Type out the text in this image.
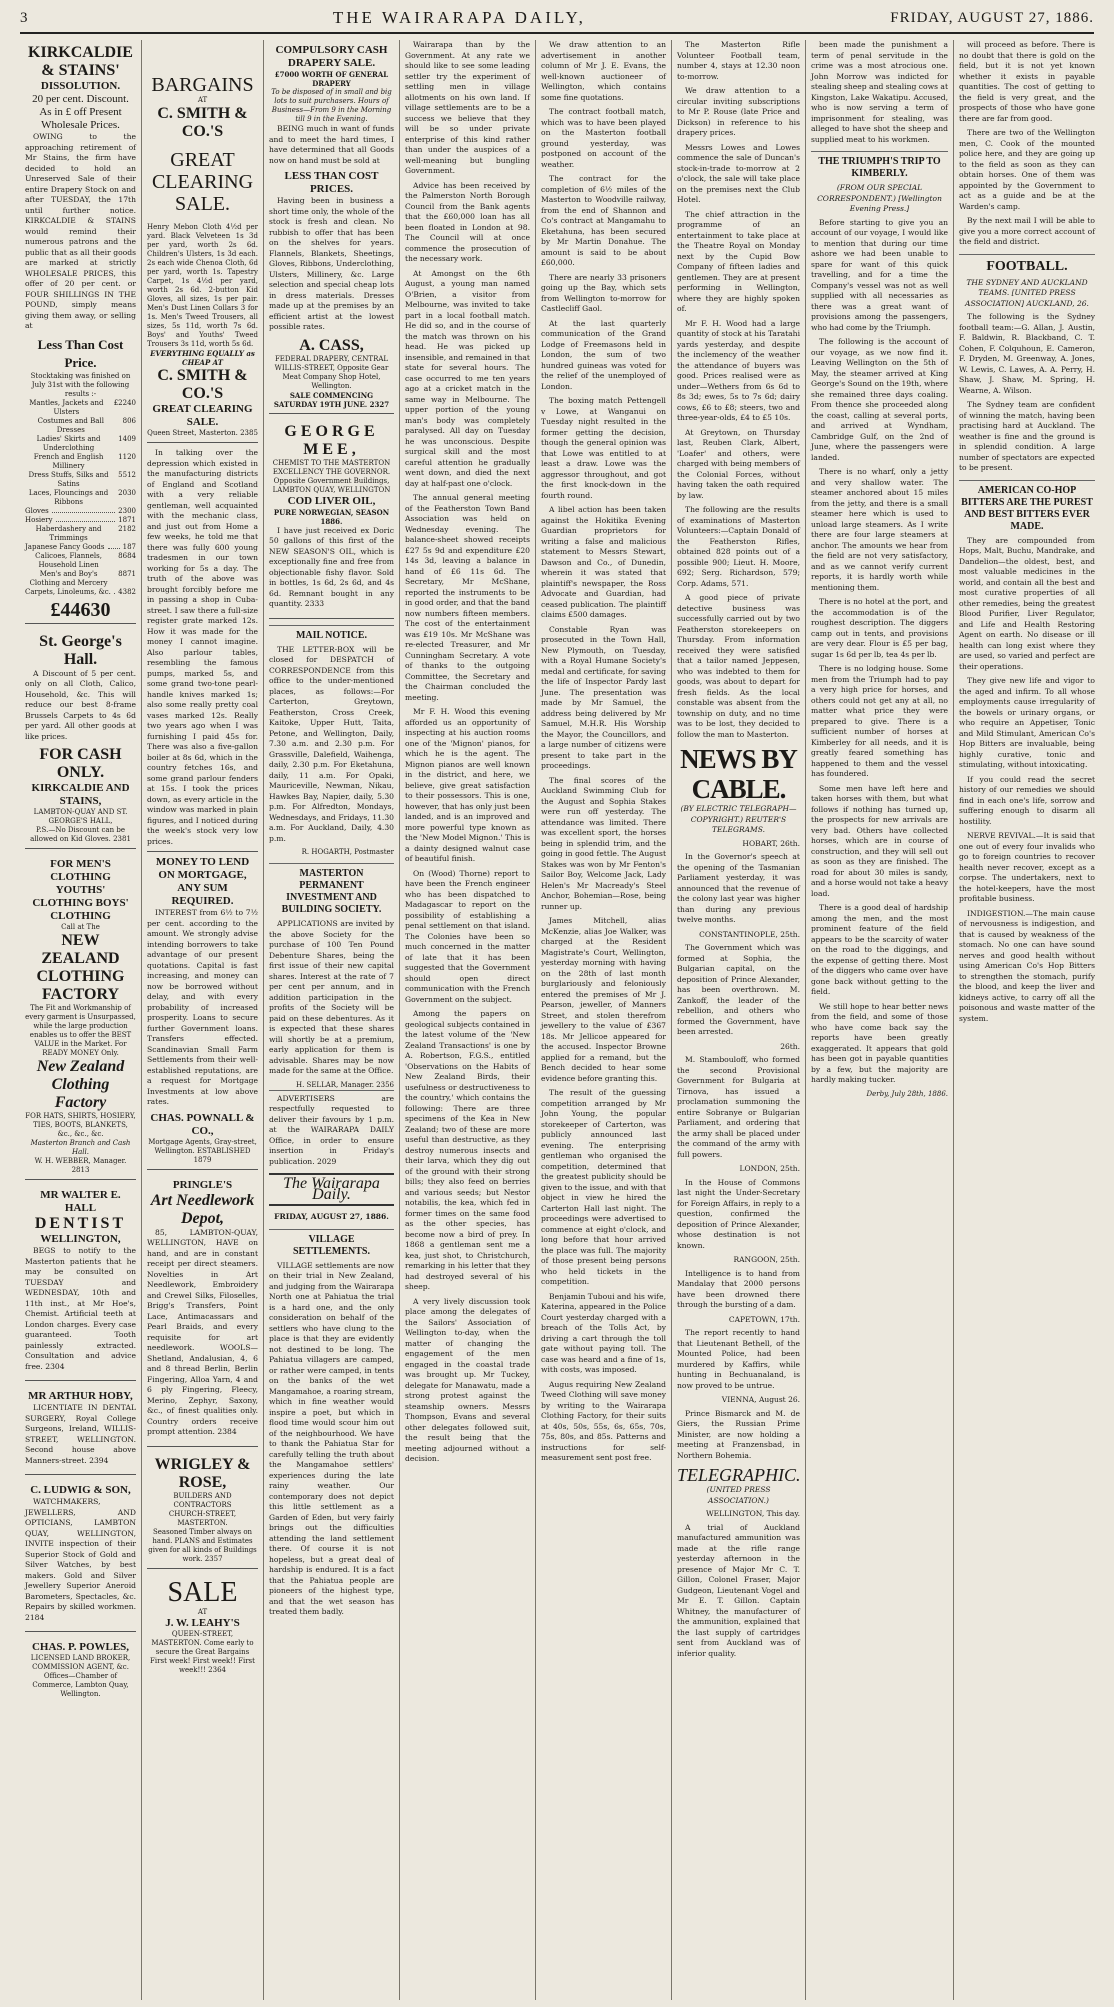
3	THE WAIRARAPA DAILY,	FRIDAY, AUGUST 27, 1886.
KIRKCALDIE & STAINS'
DISSOLUTION.
20 per cent. Discount. As in £ off Present Wholesale Prices.
OWING to the approaching retirement of Mr Stains, the firm have decided to hold an Unreserved Sale of their entire Drapery Stock on and after TUESDAY, the 17th until further notice. KIRKCALDIE & STAINS would remind their numerous patrons and the public that as all their goods are marked at strictly WHOLESALE PRICES, this offer of 20 per cent. or FOUR SHILLINGS IN THE POUND, simply means giving them away, or selling at
Less Than Cost Price.
Stocktaking was finished on July 31st with the following results :-
Mantles, Jackets and Ulsters
£2240
Costumes and Ball Dresses
806
Ladies' Skirts and Underclothing
1409
French and English Millinery
1120
Dress Stuffs, Silks and Satins
5512
Laces, Flouncings and Ribbons
2030
Gloves	2300
Hosiery	1871
Haberdashery and Trimmings
2182
Japanese Fancy Goods	187
Calicoes, Flannels, Household Linen
8684
Men's and Boy's Clothing and Mercery
8871
Carpets, Linoleums, &c. 4382
£44630
St. George's Hall.
A Discount of 5 per cent. only on all Cloth, Calico, Household, &c. This will reduce our best 8-frame Brussels Carpets to 4s 6d per yard. All other goods at like prices.
FOR CASH ONLY.
KIRKCALDIE AND STAINS,
LAMBTON-QUAY AND ST. GEORGE'S HALL,
P.S.—No Discount can be allowed on Kid Gloves. 2381
FOR MEN'S CLOTHING YOUTHS' CLOTHING BOYS' CLOTHING
Call at The
NEW ZEALAND CLOTHING FACTORY
The Fit and Workmanship of every garment is Unsurpassed, while the large production enables us to offer the BEST VALUE in the Market. For READY MONEY Only.
New Zealand Clothing Factory
FOR HATS, SHIRTS, HOSIERY, TIES, BOOTS, BLANKETS, &c., &c., &c.
Masterton Branch and Cash Hall.
W. H. WEBBER, Manager. 2813
MR WALTER E. HALL
DENTIST
WELLINGTON,
BEGS to notify to the Masterton patients that he may be consulted on TUESDAY and WEDNESDAY, 10th and 11th inst., at Mr Hoe's, Chemist. Artificial teeth at London charges. Every case guaranteed. Tooth painlessly extracted. Consultation and advice free. 2304
MR ARTHUR HOBY,
LICENTIATE IN DENTAL SURGERY, Royal College Surgeons, Ireland, WILLIS-STREET, WELLINGTON. Second house above Manners-street. 2394
C. LUDWIG & SON,
WATCHMAKERS, JEWELLERS, AND OPTICIANS, LAMBTON QUAY, WELLINGTON, INVITE inspection of their Superior Stock of Gold and Silver Watches, by best makers. Gold and Silver Jewellery Superior Aneroid Barometers, Spectacles, &c. Repairs by skilled workmen. 2184
CHAS. P. POWLES,
LICENSED LAND BROKER, COMMISSION AGENT, &c. Offices—Chamber of Commerce, Lambton Quay, Wellington.
BARGAINS
AT
C. SMITH & CO.'S
GREAT CLEARING SALE.
Henry Mebon Cloth 4½d per yard. Black Velveteen 1s 3d per yard, worth 2s 6d. Children's Ulsters, 1s 3d each. 2s each wide Chenoa Cloth, 6d per yard, worth 1s. Tapestry Carpet, 1s 4½d per yard, worth 2s 6d. 2-button Kid Gloves, all sizes, 1s per pair. Men's Dust Linen Collars 3 for 1s. Men's Tweed Trousers, all sizes, 5s 11d, worth 7s 6d. Boys' and Youths' Tweed Trousers 3s 11d, worth 5s 6d.
EVERYTHING EQUALLY as CHEAP AT
C. SMITH & CO.'S
GREAT CLEARING SALE.
Queen Street, Masterton. 2385
In talking over the depression which existed in the manufacturing districts of England and Scotland with a very reliable gentleman, well acquainted with the mechanic class, and just out from Home a few weeks, he told me that there was fully 600 young tradesmen in our town working for 5s a day. The truth of the above was brought forcibly before me in passing a shop in Cuba-street. I saw there a full-size register grate marked 12s. How it was made for the money I cannot imagine. Also parlour tables, resembling the famous pumps, marked 5s, and some grand two-tone pearl-handle knives marked 1s; also some really pretty coal vases marked 12s. Really two years ago when I was furnishing I paid 45s for. There was also a five-gallon boiler at 8s 6d, which in the country fetches 16s, and some grand parlour fenders at 15s. I took the prices down, as every article in the window was marked in plain figures, and I noticed during the week's stock very low prices.
MONEY TO LEND ON MORTGAGE, ANY SUM REQUIRED.
INTEREST from 6½ to 7½ per cent. according to the amount. We strongly advise intending borrowers to take advantage of our present quotations. Capital is fast increasing, and money can now be borrowed without delay, and with every probability of increased prosperity. Loans to secure further Government loans. Transfers effected. Scandinavian Small Farm Settlements from their well-established reputations, are a request for Mortgage Investments at low above rates.
CHAS. POWNALL & CO.,
Mortgage Agents, Gray-street, Wellington. ESTABLISHED 1879
PRINGLE'S
Art Needlework Depot,
85, LAMBTON-QUAY, WELLINGTON, HAVE on hand, and are in constant receipt per direct steamers. Novelties in Art Needlework, Embroidery and Crewel Silks, Filoselles, Brigg's Transfers, Point Lace, Antimacassars and Pearl Braids, and every requisite for art needlework. WOOLS—Shetland, Andalusian, 4, 6 and 8 thread Berlin, Berlin Fingering, Alloa Yarn, 4 and 6 ply Fingering, Fleecy, Merino, Zephyr, Saxony, &c., of finest qualities only. Country orders receive prompt attention. 2384
WRIGLEY & ROSE,
BUILDERS AND CONTRACTORS
CHURCH-STREET, MASTERTON.
Seasoned Timber always on hand. PLANS and Estimates given for all kinds of Buildings work. 2357
SALE
AT
J. W. LEAHY'S
QUEEN-STREET, MASTERTON. Come early to secure the Great Bargains First week! First week!! First week!!! 2364
COMPULSORY CASH DRAPERY SALE.
£7000 WORTH OF GENERAL DRAPERY
To be disposed of in small and big lots to suit purchasers. Hours of Business—From 9 in the Morning till 9 in the Evening.
BEING much in want of funds and to meet the hard times, I have determined that all Goods now on hand must be sold at
LESS THAN COST PRICES.
Having been in business a short time only, the whole of the stock is fresh and clean. No rubbish to offer that has been on the shelves for years. Flannels, Blankets, Sheetings, Gloves, Ribbons, Underclothing, Ulsters, Millinery, &c. Large selection and special cheap lots in dress materials. Dresses made up at the premises by an efficient artist at the lowest possible rates.
A. CASS,
FEDERAL DRAPERY, CENTRAL WILLIS-STREET, Opposite Gear Meat Company Shop Hotel, Wellington.
SALE COMMENCING SATURDAY 19TH JUNE. 2327
GEORGE MEE,
CHEMIST TO THE MASTERTON EXCELLENCY THE GOVERNOR.
Opposite Government Buildings,
LAMBTON QUAY, WELLINGTON
COD LIVER OIL,
PURE NORWEGIAN, SEASON 1886.
I have just received ex Doric 50 gallons of this first of the NEW SEASON'S OIL, which is exceptionally fine and free from objectionable fishy flavor. Sold in bottles, 1s 6d, 2s 6d, and 4s 6d. Remnant bought in any quantity. 2333
MAIL NOTICE.
THE LETTER-BOX will be closed for DESPATCH of CORRESPONDENCE from this office to the under-mentioned places, as follows:—For Carterton, Greytown, Featherston, Cross Creek, Kaitoke, Upper Hutt, Taita, Petone, and Wellington, Daily, 7.30 a.m. and 2.30 p.m. For Grassville, Dalefield, Waihenga, daily, 2.30 p.m. For Eketahuna, daily, 11 a.m. For Opaki, Mauriceville, Newman, Nikau, Hawkes Bay, Napier, daily, 5.30 p.m. For Alfredton, Mondays, Wednesdays, and Fridays, 11.30 a.m. For Auckland, Daily, 4.30 p.m.
R. HOGARTH, Postmaster
MASTERTON PERMANENT INVESTMENT AND BUILDING SOCIETY.
APPLICATIONS are invited by the above Society for the purchase of 100 Ten Pound Debenture Shares, being the first issue of their new capital shares. Interest at the rate of 7 per cent per annum, and in addition participation in the profits of the Society will be paid on these debentures. As it is expected that these shares will shortly be at a premium, early application for them is advisable. Shares may be now made for the same at the Office.
H. SELLAR, Manager. 2356
ADVERTISERS are respectfully requested to deliver their favours by 1 p.m. at the WAIRARAPA DAILY Office, in order to ensure insertion in Friday's publication. 2029
The Wairarapa Daily.
FRIDAY, AUGUST 27, 1886.
VILLAGE SETTLEMENTS.
VILLAGE settlements are now on their trial in New Zealand, and judging from the Wairarapa North one at Pahiatua the trial is a hard one, and the only consideration on behalf of the settlers who have clung to the place is that they are evidently not destined to be long. The Pahiatua villagers are camped, or rather were camped, in tents on the banks of the wet Mangamahoe, a roaring stream, which in fine weather would inspire a poet, but which in flood time would scour him out of the neighbourhood. We have to thank the Pahiatua Star for carefully telling the truth about the Mangamahoe settlers' experiences during the late rainy weather. Our contemporary does not depict this little settlement as a Garden of Eden, but very fairly brings out the difficulties attending the land settlement there. Of course it is not hopeless, but a great deal of hardship is endured. It is a fact that the Pahiatua people are pioneers of the highest type, and that the wet season has treated them badly.
Wairarapa than by the Government. At any rate we should like to see some leading settler try the experiment of settling men in village allotments on his own land. If village settlements are to be a success we believe that they will be so under private enterprise of this kind rather than under the auspices of a well-meaning but bungling Government.
Advice has been received by the Palmerston North Borough Council from the Bank agents that the £60,000 loan has all been floated in London at 98. The Council will at once commence the prosecution of the necessary work.
At Amongst on the 6th August, a young man named O'Brien, a visitor from Melbourne, was invited to take part in a local football match. He did so, and in the course of the match was thrown on his head. He was picked up insensible, and remained in that state for several hours. The case occurred to me ten years ago at a cricket match in the same way in Melbourne. The upper portion of the young man's body was completely paralysed. All day on Tuesday he was unconscious. Despite surgical skill and the most careful attention he gradually went down, and died the next day at half-past one o'clock.
The annual general meeting of the Featherston Town Band Association was held on Wednesday evening. The balance-sheet showed receipts £27 5s 9d and expenditure £20 14s 3d, leaving a balance in hand of £6 11s 6d. The Secretary, Mr McShane, reported the instruments to be in good order, and that the band now numbers fifteen members. The cost of the entertainment was £19 10s. Mr McShane was re-elected Treasurer, and Mr Cunningham Secretary. A vote of thanks to the outgoing Committee, the Secretary and the Chairman concluded the meeting.
Mr F. H. Wood this evening afforded us an opportunity of inspecting at his auction rooms one of the 'Mignon' pianos, for which he is the agent. The Mignon pianos are well known in the district, and here, we believe, give great satisfaction to their possessors. This is one, however, that has only just been landed, and is an improved and more powerful type known as the 'New Model Mignon.' This is a dainty designed walnut case of beautiful finish.
On (Wood) Thorne) report to have been the French engineer who has been dispatched to Madagascar to report on the possibility of establishing a penal settlement on that island. The Colonies have been so much concerned in the matter of late that it has been suggested that the Government should open direct communication with the French Government on the subject.
Among the papers on geological subjects contained in the latest volume of the 'New Zealand Transactions' is one by A. Robertson, F.G.S., entitled 'Observations on the Habits of New Zealand Birds, their usefulness or destructiveness to the country,' which contains the following: There are three specimens of the Kea in New Zealand; two of these are more useful than destructive, as they destroy numerous insects and their larva, which they dig out of the ground with their strong bills; they also feed on berries and various seeds; but Nestor notabilis, the kea, which fed in former times on the same food as the other species, has become now a bird of prey. In 1868 a gentleman sent me a kea, just shot, to Christchurch, remarking in his letter that they had destroyed several of his sheep.
A very lively discussion took place among the delegates of the Sailors' Association of Wellington to-day, when the matter of changing the engagement of the men engaged in the coastal trade was brought up. Mr Tuckey, delegate for Manawatu, made a strong protest against the steamship owners. Messrs Thompson, Evans and several other delegates followed suit, the result being that the meeting adjourned without a decision.
We draw attention to an advertisement in another column of Mr J. E. Evans, the well-known auctioneer of Wellington, which contains some fine quotations.
The contract football match, which was to have been played on the Masterton football ground yesterday, was postponed on account of the weather.
The contract for the completion of 6½ miles of the Masterton to Woodville railway, from the end of Shannon and Co's contract at Mangamahu to Eketahuna, has been secured by Mr Martin Donahue. The amount is said to be about £60,000.
There are nearly 33 prisoners going up the Bay, which sets from Wellington to-morrow for Castlecliff Gaol.
At the last quarterly communication of the Grand Lodge of Freemasons held in London, the sum of two hundred guineas was voted for the relief of the unemployed of London.
The boxing match Pettengell v Lowe, at Wanganui on Tuesday night resulted in the former getting the decision, though the general opinion was that Lowe was entitled to at least a draw. Lowe was the aggressor throughout, and got the first knock-down in the fourth round.
A libel action has been taken against the Hokitika Evening Guardian proprietors for writing a false and malicious statement to Messrs Stewart, Dawson and Co., of Dunedin, wherein it was stated that plaintiff's newspaper, the Ross Advocate and Guardian, had ceased publication. The plaintiff claims £500 damages.
Constable Ryan was prosecuted in the Town Hall, New Plymouth, on Tuesday, with a Royal Humane Society's medal and certificate, for saving the life of Inspector Pardy last June. The presentation was made by Mr Samuel, the address being delivered by Mr Samuel, M.H.R. His Worship the Mayor, the Councillors, and a large number of citizens were present to take part in the proceedings.
The final scores of the Auckland Swimming Club for the August and Sophia Stakes were run off yesterday. The attendance was limited. There was excellent sport, the horses being in splendid trim, and the going in good fettle. The August Stakes was won by Mr Fenton's Sailor Boy, Welcome Jack, Lady Helen's Mr Macready's Steel Anchor, Bohemian—Rose, being runner up.
James Mitchell, alias McKenzie, alias Joe Walker, was charged at the Resident Magistrate's Court, Wellington, yesterday morning with having on the 28th of last month burglariously and feloniously entered the premises of Mr J. Pearson, jeweller, of Manners Street, and stolen therefrom jewellery to the value of £367 18s. Mr Jellicoe appeared for the accused. Inspector Browne applied for a remand, but the Bench decided to hear some evidence before granting this.
The result of the guessing competition arranged by Mr John Young, the popular storekeeper of Carterton, was publicly announced last evening. The enterprising gentleman who organised the competition, determined that the greatest publicity should be given to the issue, and with that object in view he hired the Carterton Hall last night. The proceedings were advertised to commence at eight o'clock, and long before that hour arrived the place was full. The majority of those present being persons who held tickets in the competition.
Benjamin Tuboui and his wife, Katerina, appeared in the Police Court yesterday charged with a breach of the Tolls Act, by driving a cart through the toll gate without paying toll. The case was heard and a fine of 1s, with costs, was imposed.
Augus requiring New Zealand Tweed Clothing will save money by writing to the Wairarapa Clothing Factory, for their suits at 40s, 50s, 55s, 6s, 65s, 70s, 75s, 80s, and 85s. Patterns and instructions for self-measurement sent post free.
The Masterton Rifle Volunteer Football team, number 4, stays at 12.30 noon to-morrow.
We draw attention to a circular inviting subscriptions to Mr P. Rouse (late Price and Dickson) in reference to his drapery prices.
Messrs Lowes and Lowes commence the sale of Duncan's stock-in-trade to-morrow at 2 o'clock, the sale will take place on the premises next the Club Hotel.
The chief attraction in the programme of an entertainment to take place at the Theatre Royal on Monday next by the Cupid Bow Company of fifteen ladies and gentlemen. They are at present performing in Wellington, where they are highly spoken of.
Mr F. H. Wood had a large quantity of stock at his Taratahi yards yesterday, and despite the inclemency of the weather the attendance of buyers was good. Prices realised were as under—Wethers from 6s 6d to 8s 3d; ewes, 5s to 7s 6d; dairy cows, £6 to £8; steers, two and three-year-olds, £4 to £5 10s.
At Greytown, on Thursday last, Reuben Clark, Albert, 'Loafer' and others, were charged with being members of the Colonial Forces, without having taken the oath required by law.
The following are the results of examinations of Masterton Volunteers:—Captain Donald of the Featherston Rifles, obtained 828 points out of a possible 900; Lieut. H. Moore, 692; Serg. Richardson, 579; Corp. Adams, 571.
A good piece of private detective business was successfully carried out by two Featherston storekeepers on Thursday. From information received they were satisfied that a tailor named Jeppesen, who was indebted to them for goods, was about to depart for fresh fields. As the local constable was absent from the township on duty, and no time was to be lost, they decided to follow the man to Masterton.
NEWS BY CABLE.
(BY ELECTRIC TELEGRAPH—COPYRIGHT.) REUTER'S TELEGRAMS.
HOBART, 26th.
In the Governor's speech at the opening of the Tasmanian Parliament yesterday, it was announced that the revenue of the colony last year was higher than during any previous twelve months.
CONSTANTINOPLE, 25th.
The Government which was formed at Sophia, the Bulgarian capital, on the deposition of Prince Alexander, has been overthrown. M. Zankoff, the leader of the rebellion, and others who formed the Government, have been arrested.
26th.
M. Stambouloff, who formed the second Provisional Government for Bulgaria at Tirnova, has issued a proclamation summoning the entire Sobranye or Bulgarian Parliament, and ordering that the army shall be placed under the command of the army with full powers.
LONDON, 25th.
In the House of Commons last night the Under-Secretary for Foreign Affairs, in reply to a question, confirmed the deposition of Prince Alexander, whose destination is not known.
RANGOON, 25th.
Intelligence is to hand from Mandalay that 2000 persons have been drowned there through the bursting of a dam.
CAPETOWN, 17th.
The report recently to hand that Lieutenant Bethell, of the Mounted Police, had been murdered by Kaffirs, while hunting in Bechuanaland, is now proved to be untrue.
VIENNA, August 26.
Prince Bismarck and M. de Giers, the Russian Prime Minister, are now holding a meeting at Franzensbad, in Northern Bohemia.
TELEGRAPHIC.
(UNITED PRESS ASSOCIATION.)
WELLINGTON, This day.
A trial of Auckland manufactured ammunition was made at the rifle range yesterday afternoon in the presence of Major Mr C. T. Gillon, Colonel Fraser, Major Gudgeon, Lieutenant Vogel and Mr E. T. Gillon. Captain Whitney, the manufacturer of the ammunition, explained that the last supply of cartridges sent from Auckland was of inferior quality.
been made the punishment a term of penal servitude in the crime was a most atrocious one. John Morrow was indicted for stealing sheep and stealing cows at Kingston, Lake Wakatipu. Accused, who is now serving a term of imprisonment for stealing, was alleged to have shot the sheep and supplied meat to his workmen.
THE TRIUMPH'S TRIP TO KIMBERLY.
(FROM OUR SPECIAL CORRESPONDENT.) [Wellington Evening Press.]
Before starting to give you an account of our voyage, I would like to mention that during our time ashore we had been unable to spare for want of this quick travelling, and for a time the Company's vessel was not as well supplied with all necessaries as there was a great want of provisions among the passengers, who had come by the Triumph.
The following is the account of our voyage, as we now find it. Leaving Wellington on the 5th of May, the steamer arrived at King George's Sound on the 19th, where she remained three days coaling. From thence she proceeded along the coast, calling at several ports, and arrived at Wyndham, Cambridge Gulf, on the 2nd of June, where the passengers were landed.
There is no wharf, only a jetty and very shallow water. The steamer anchored about 15 miles from the jetty, and there is a small steamer here which is used to unload large steamers. As I write there are four large steamers at anchor. The amounts we hear from the field are not very satisfactory, and as we cannot verify current reports, it is hardly worth while mentioning them.
There is no hotel at the port, and the accommodation is of the roughest description. The diggers camp out in tents, and provisions are very dear. Flour is £5 per bag, sugar 1s 6d per lb, tea 4s per lb.
There is no lodging house. Some men from the Triumph had to pay a very high price for horses, and others could not get any at all, no matter what price they were prepared to give. There is a sufficient number of horses at Kimberley for all needs, and it is greatly feared something has happened to them and the vessel has foundered.
Some men have left here and taken horses with them, but what follows if nothing has turned up, the prospects for new arrivals are very bad. Others have collected horses, which are in course of construction, and they will sell out as soon as they are finished. The road for about 30 miles is sandy, and a horse would not take a heavy load.
There is a good deal of hardship among the men, and the most prominent feature of the field appears to be the scarcity of water on the road to the diggings, and the expense of getting there. Most of the diggers who came over have gone back without getting to the field.
We still hope to hear better news from the field, and some of those who have come back say the reports have been greatly exaggerated. It appears that gold has been got in payable quantities by a few, but the majority are hardly making tucker.
Derby, July 28th, 1886.
will proceed as before. There is no doubt that there is gold on the field, but it is not yet known whether it exists in payable quantities. The cost of getting to the field is very great, and the prospects of those who have gone there are far from good.
There are two of the Wellington men, C. Cook of the mounted police here, and they are going up to the field as soon as they can obtain horses. One of them was appointed by the Government to act as a guide and be at the Warden's camp.
By the next mail I will be able to give you a more correct account of the field and district.
FOOTBALL.
THE SYDNEY AND AUCKLAND TEAMS. [UNITED PRESS ASSOCIATION] AUCKLAND, 26.
The following is the Sydney football team:—G. Allan, J. Austin, F. Baldwin, R. Blackband, C. T. Cohen, F. Colquhoun, E. Cameron, F. Dryden, M. Greenway, A. Jones, W. Lewis, C. Lawes, A. A. Perry, H. Shaw, J. Shaw, M. Spring, H. Wearne, A. Wilson.
The Sydney team are confident of winning the match, having been practising hard at Auckland. The weather is fine and the ground is in splendid condition. A large number of spectators are expected to be present.
AMERICAN CO-HOP BITTERS ARE THE PUREST AND BEST BITTERS EVER MADE.
They are compounded from Hops, Malt, Buchu, Mandrake, and Dandelion—the oldest, best, and most valuable medicines in the world, and contain all the best and most curative properties of all other remedies, being the greatest Blood Purifier, Liver Regulator, and Life and Health Restoring Agent on earth. No disease or ill health can long exist where they are used, so varied and perfect are their operations.
They give new life and vigor to the aged and infirm. To all whose employments cause irregularity of the bowels or urinary organs, or who require an Appetiser, Tonic and Mild Stimulant, American Co's Hop Bitters are invaluable, being highly curative, tonic and stimulating, without intoxicating.
If you could read the secret history of our remedies we should find in each one's life, sorrow and suffering enough to disarm all hostility.
NERVE REVIVAL.—It is said that one out of every four invalids who go to foreign countries to recover health never recover, except as a corpse. The undertakers, next to the hotel-keepers, have the most profitable business.
INDIGESTION.—The main cause of nervousness is indigestion, and that is caused by weakness of the stomach. No one can have sound nerves and good health without using American Co's Hop Bitters to strengthen the stomach, purify the blood, and keep the liver and kidneys active, to carry off all the poisonous and waste matter of the system.
